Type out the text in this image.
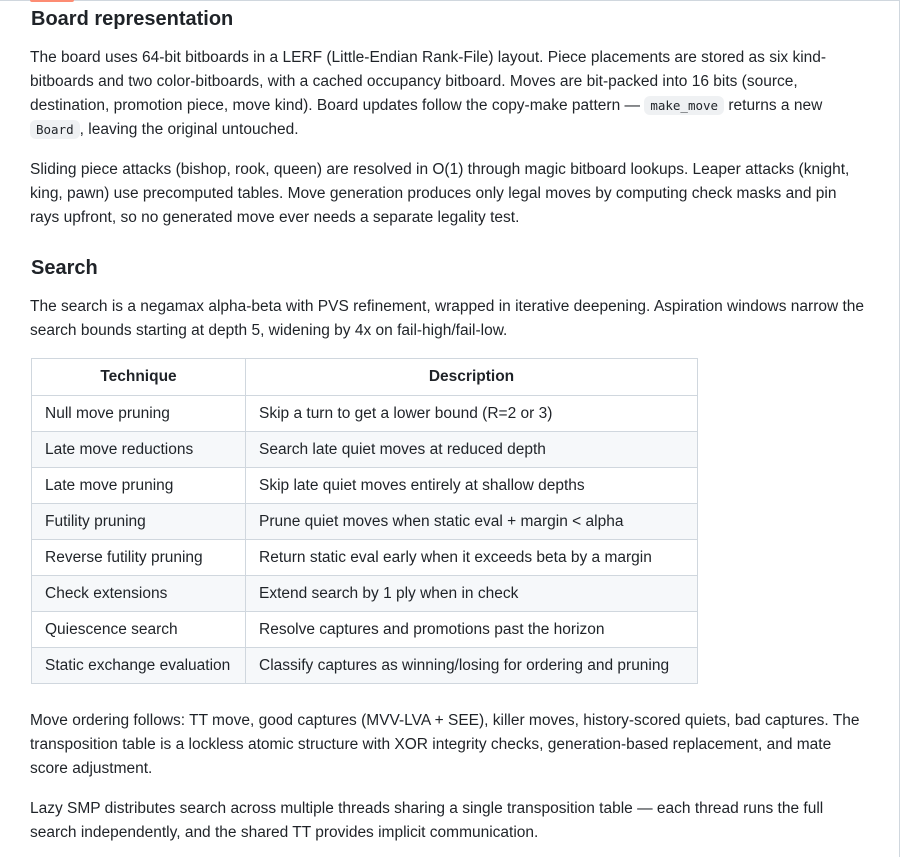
Board representation

The board uses 64-bit bitboards in a LERF (Little-Endian Rank-File) layout. Piece placements are stored as six kind-bitboards and two color-bitboards, with a cached occupancy bitboard. Moves are bit-packed into 16 bits (source, destination, promotion piece, move kind). Board updates follow the copy-make pattern — make_move returns a new Board , leaving the original untouched.

Sliding piece attacks (bishop, rook, queen) are resolved in O(1) through magic bitboard lookups. Leaper attacks (knight, king, pawn) use precomputed tables. Move generation produces only legal moves by computing check masks and pin rays upfront, so no generated move ever needs a separate legality test.

Search

The search is a negamax alpha-beta with PVS refinement, wrapped in iterative deepening. Aspiration windows narrow the search bounds starting at depth 5, widening by 4x on fail-high/fail-low.

Technique	Description
Null move pruning	Skip a turn to get a lower bound (R=2 or 3)
Late move reductions	Search late quiet moves at reduced depth
Late move pruning	Skip late quiet moves entirely at shallow depths
Futility pruning	Prune quiet moves when static eval + margin < alpha
Reverse futility pruning	Return static eval early when it exceeds beta by a margin
Check extensions	Extend search by 1 ply when in check
Quiescence search	Resolve captures and promotions past the horizon
Static exchange evaluation	Classify captures as winning/losing for ordering and pruning

Move ordering follows: TT move, good captures (MVV-LVA + SEE), killer moves, history-scored quiets, bad captures. The transposition table is a lockless atomic structure with XOR integrity checks, generation-based replacement, and mate score adjustment.

Lazy SMP distributes search across multiple threads sharing a single transposition table — each thread runs the full search independently, and the shared TT provides implicit communication.
